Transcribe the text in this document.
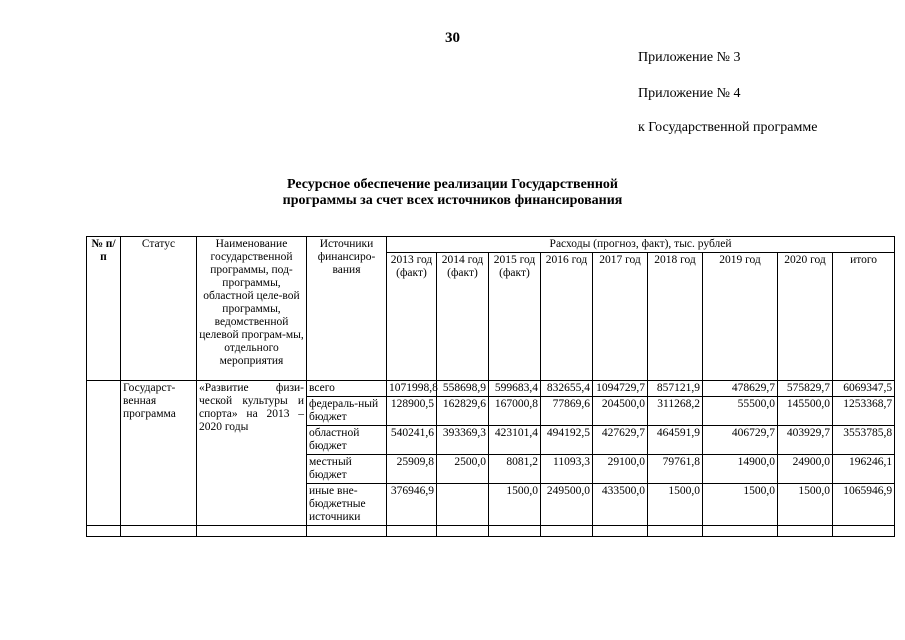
30
Приложение № 3
Приложение № 4
к Государственной программе
Ресурсное обеспечение реализации Государственной
программы за счет всех источников финансирования
№ п/п	Статус	Наименование государственной программы, под-программы, областной целе-вой программы, ведомственной целевой програм-мы, отдельного мероприятия	Источники финансиро-вания	Расходы (прогноз, факт), тыс. рублей								
				2013 год (факт)	2014 год (факт)	2015 год (факт)	2016 год	2017 год	2018 год	2019 год	2020 год	итого
	Государст-венная программа	«Развитие физи-ческой культуры и спорта» на 2013 – 2020 годы	всего	1071998,8	558698,9	599683,4	832655,4	1094729,7	857121,9	478629,7	575829,7	6069347,5
			федераль-ный бюджет	128900,5	162829,6	167000,8	77869,6	204500,0	311268,2	55500,0	145500,0	1253368,7
			областной бюджет	540241,6	393369,3	423101,4	494192,5	427629,7	464591,9	406729,7	403929,7	3553785,8
			местный бюджет	25909,8	2500,0	8081,2	11093,3	29100,0	79761,8	14900,0	24900,0	196246,1
			иные вне-бюджетные источники	376946,9		1500,0	249500,0	433500,0	1500,0	1500,0	1500,0	1065946,9
